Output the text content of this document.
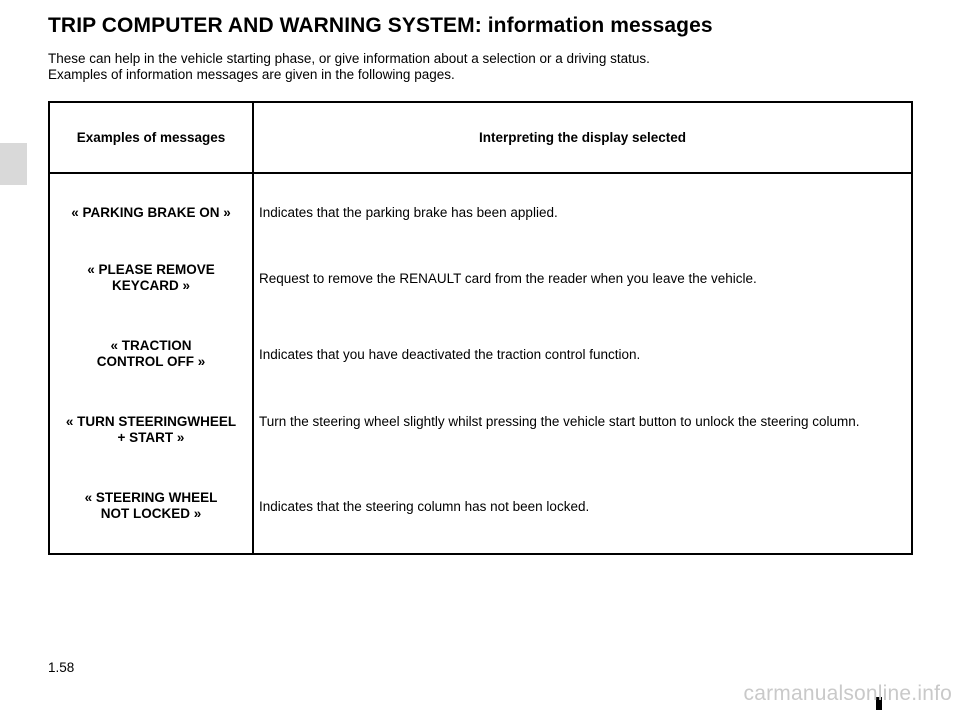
TRIP COMPUTER AND WARNING SYSTEM: information messages

These can help in the vehicle starting phase, or give information about a selection or a driving status.

Examples of information messages are given in the following pages.

Examples of messages	Interpreting the display selected

« PARKING BRAKE ON »	Indicates that the parking brake has been applied.

« PLEASE REMOVE
KEYCARD »	Request to remove the RENAULT card from the reader when you leave the vehicle.

« TRACTION
CONTROL OFF »	Indicates that you have deactivated the traction control function.

« TURN STEERINGWHEEL
+ START »	Turn the steering wheel slightly whilst pressing the vehicle start button to unlock the steering column.

« STEERING WHEEL
NOT LOCKED »	Indicates that the steering column has not been locked.
1.58
carmanualsonline.info
